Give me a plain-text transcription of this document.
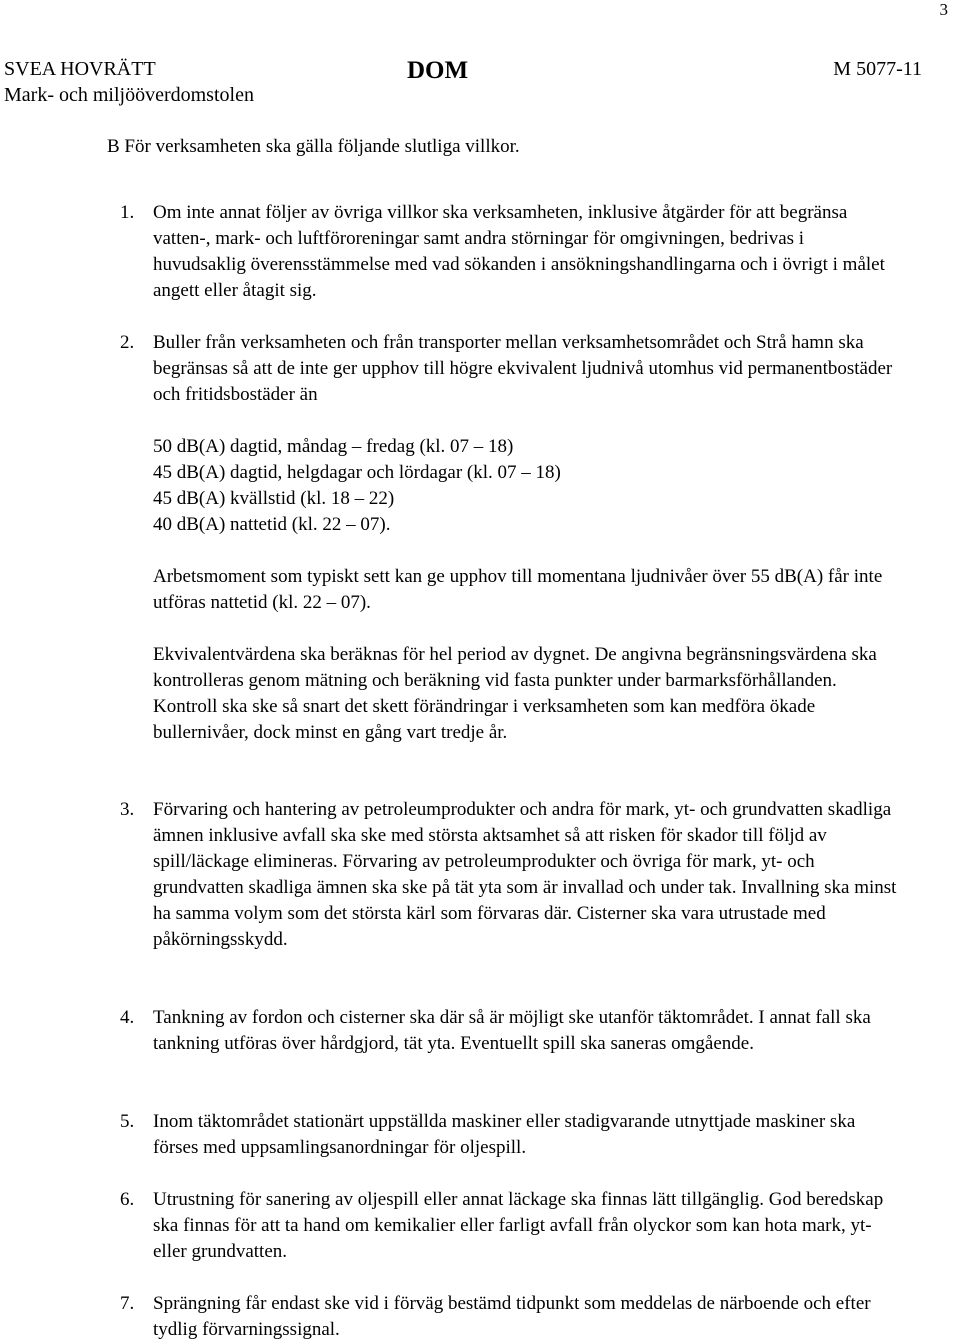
3
SVEA HOVRÄTT
Mark- och miljööverdomstolen
DOM	M 5077-11
B För verksamheten ska gälla följande slutliga villkor.
1. Om inte annat följer av övriga villkor ska verksamheten, inklusive åtgärder för att begränsa vatten-, mark- och luftföroreningar samt andra störningar för omgivningen, bedrivas i huvudsaklig överensstämmelse med vad sökanden i ansökningshandlingarna och i övrigt i målet angett eller åtagit sig.

2. Buller från verksamheten och från transporter mellan verksamhetsområdet och Strå hamn ska begränsas så att de inte ger upphov till högre ekvivalent ljudnivå utomhus vid permanentbostäder och fritidsbostäder än

50 dB(A) dagtid, måndag – fredag (kl. 07 – 18)
45 dB(A) dagtid, helgdagar och lördagar (kl. 07 – 18)
45 dB(A) kvällstid (kl. 18 – 22)
40 dB(A) nattetid (kl. 22 – 07).

Arbetsmoment som typiskt sett kan ge upphov till momentana ljudnivåer över 55 dB(A) får inte utföras nattetid (kl. 22 – 07).

Ekvivalentvärdena ska beräknas för hel period av dygnet. De angivna begränsningsvärdena ska kontrolleras genom mätning och beräkning vid fasta punkter under barmarksförhållanden. Kontroll ska ske så snart det skett förändringar i verksamheten som kan medföra ökade bullernivåer, dock minst en gång vart tredje år.

3. Förvaring och hantering av petroleumprodukter och andra för mark, yt- och grundvatten skadliga ämnen inklusive avfall ska ske med största aktsamhet så att risken för skador till följd av spill/läckage elimineras. Förvaring av petroleumprodukter och övriga för mark, yt- och grundvatten skadliga ämnen ska ske på tät yta som är invallad och under tak. Invallning ska minst ha samma volym som det största kärl som förvaras där. Cisterner ska vara utrustade med påkörningsskydd.

4. Tankning av fordon och cisterner ska där så är möjligt ske utanför täktområdet. I annat fall ska tankning utföras över hårdgjord, tät yta. Eventuellt spill ska saneras omgående.

5. Inom täktområdet stationärt uppställda maskiner eller stadigvarande utnyttjade maskiner ska förses med uppsamlingsanordningar för oljespill.

6. Utrustning för sanering av oljespill eller annat läckage ska finnas lätt tillgänglig. God beredskap ska finnas för att ta hand om kemikalier eller farligt avfall från olyckor som kan hota mark, yt- eller grundvatten.

7. Sprängning får endast ske vid i förväg bestämd tidpunkt som meddelas de närboende och efter tydlig förvarningssignal.
